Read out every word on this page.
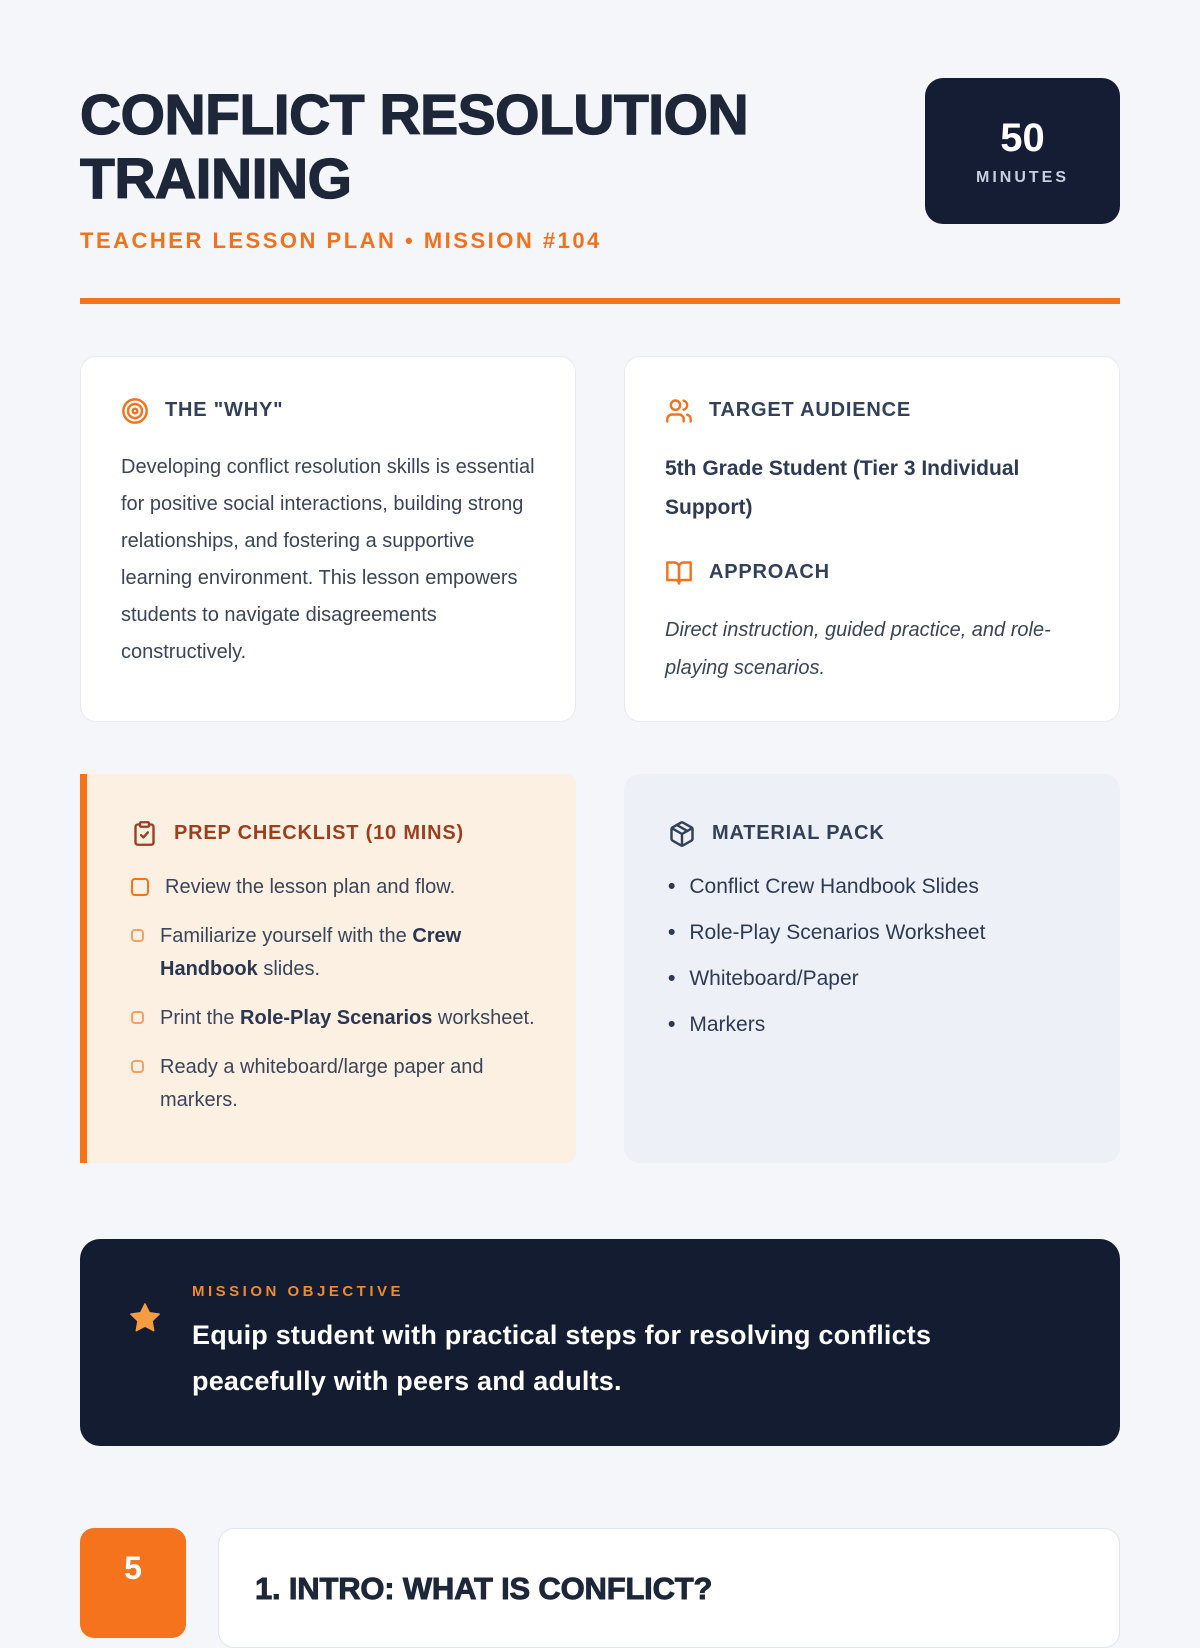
CONFLICT RESOLUTION TRAINING
TEACHER LESSON PLAN • MISSION #104
50
MINUTES
THE "WHY"

Developing conflict resolution skills is essential for positive social interactions, building strong relationships, and fostering a supportive learning environment. This lesson empowers students to navigate disagreements constructively.

TARGET AUDIENCE

5th Grade Student (Tier 3 Individual Support)

APPROACH

Direct instruction, guided practice, and role-playing scenarios.

PREP CHECKLIST (10 MINS)
Review the lesson plan and flow.
Familiarize yourself with the Crew Handbook slides.
Print the Role-Play Scenarios worksheet.
Ready a whiteboard/large paper and markers.
MATERIAL PACK
• Conflict Crew Handbook Slides
• Role-Play Scenarios Worksheet
• Whiteboard/Paper
• Markers
MISSION OBJECTIVE
Equip student with practical steps for resolving conflicts peacefully with peers and adults.
5
1. INTRO: WHAT IS CONFLICT?
